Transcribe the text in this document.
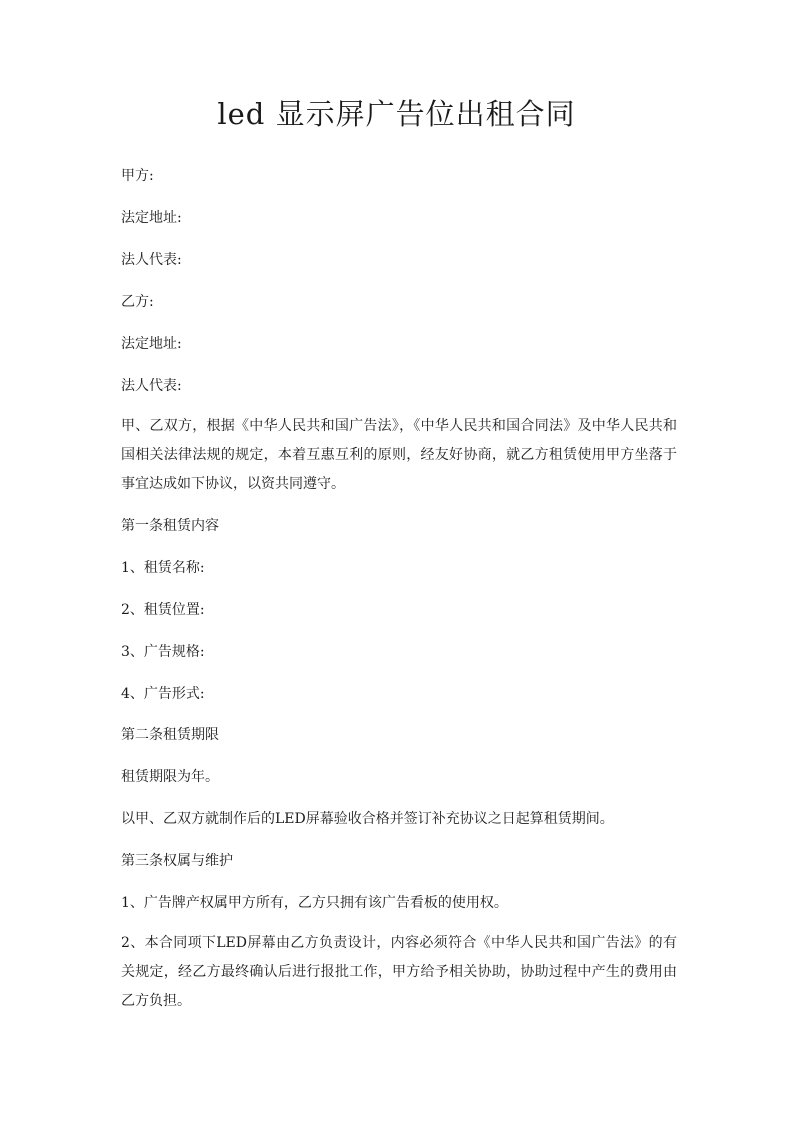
led 显示屏广告位出租合同

甲方:

法定地址:

法人代表:

乙方:

法定地址:

法人代表:

甲、乙双方，根据《中华人民共和国广告法》，《中华人民共和国合同法》及中华人民共和国相关法律法规的规定，本着互惠互利的原则，经友好协商，就乙方租赁使用甲方坐落于事宜达成如下协议，以资共同遵守。

第一条租赁内容

1、租赁名称:

2、租赁位置:

3、广告规格:

4、广告形式:

第二条租赁期限

租赁期限为年。

以甲、乙双方就制作后的LED屏幕验收合格并签订补充协议之日起算租赁期间。

第三条权属与维护

1、广告牌产权属甲方所有，乙方只拥有该广告看板的使用权。

2、本合同项下LED屏幕由乙方负责设计，内容必须符合《中华人民共和国广告法》的有关规定，经乙方最终确认后进行报批工作，甲方给予相关协助，协助过程中产生的费用由乙方负担。
